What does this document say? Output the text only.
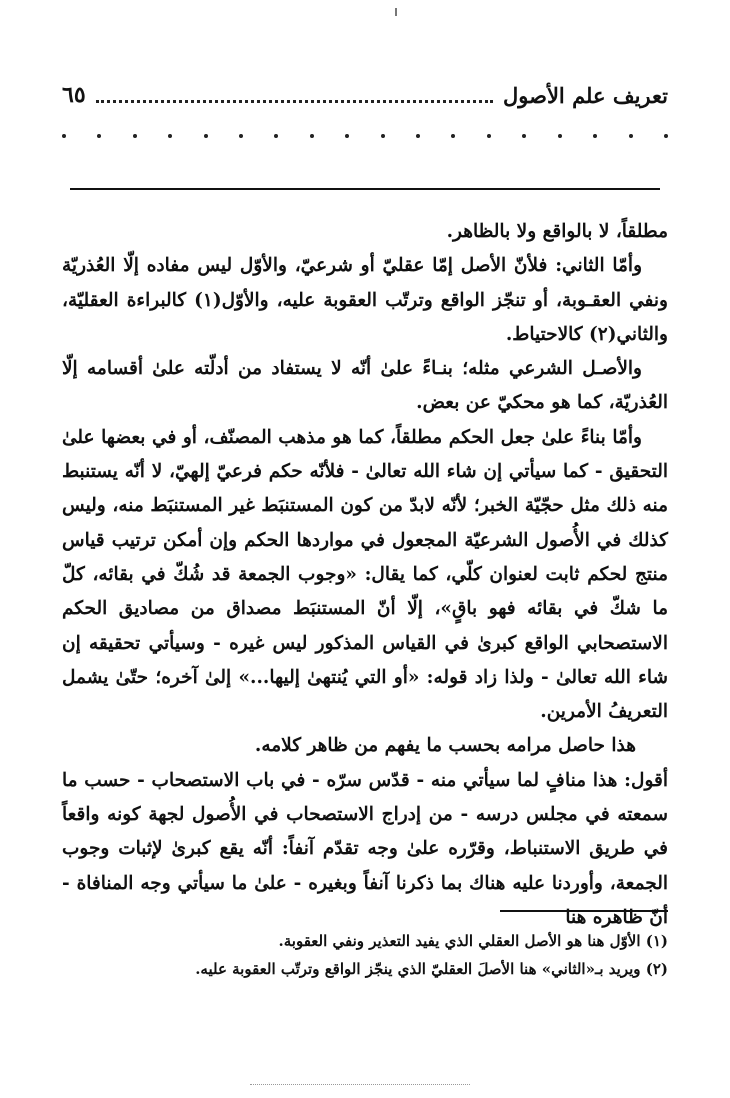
تعريف علم الأصول
٦٥

مطلقاً، لا بالواقع ولا بالظاهر.

وأمّا الثاني: فلأنّ الأصل إمّا عقليّ أو شرعيّ، والأوّل ليس مفاده إلّا العُذريّة ونفي العقـوبة، أو تنجّز الواقع وترتّب العقوبة عليه، والأوّل(١) كالبراءة العقليّة، والثاني(٢) كالاحتياط.

والأصـل الشرعي مثله؛ بنـاءً علىٰ أنّه لا يستفاد من أدلّته علىٰ أقسامه إلّا العُذريّة، كما هو محكيّ عن بعض.

وأمّا بناءً علىٰ جعل الحكم مطلقاً، كما هو مذهب المصنّف، أو في بعضها علىٰ التحقيق - كما سيأتي إن شاء الله تعالىٰ - فلأنّه حكم فرعيّ إلهيّ، لا أنّه يستنبط منه ذلك مثل حجّيّة الخبر؛ لأنّه لابدّ من كون المستنبَط غير المستنبَط منه، وليس كذلك في الأُصول الشرعيّة المجعول في مواردها الحكم وإن أمكن ترتيب قياس منتج لحكم ثابت لعنوان كلّي، كما يقال: «وجوب الجمعة قد شُكّ في بقائه، كلّ ما شكّ في بقائه فهو باقٍ»، إلّا أنّ المستنبَط مصداق من مصاديق الحكم الاستصحابي الواقع كبرىٰ في القياس المذكور ليس غيره - وسيأتي تحقيقه إن شاء الله تعالىٰ - ولذا زاد قوله: «أو التي يُنتهىٰ إليها...» إلىٰ آخره؛ حتّىٰ يشمل التعريفُ الأمرين.

هذا حاصل مرامه بحسب ما يفهم من ظاهر كلامه.

أقول: هذا منافٍ لما سيأتي منه - قدّس سرّه - في باب الاستصحاب - حسب ما سمعته في مجلس درسه - من إدراج الاستصحاب في الأُصول لجهة كونه واقعاً في طريق الاستنباط، وقرّره علىٰ وجه تقدّم آنفاً: أنّه يقع كبرىٰ لإثبات وجوب الجمعة، وأوردنا عليه هناك بما ذكرنا آنفاً وبغيره - علىٰ ما سيأتي وجه المنافاة - أنّ ظاهره هنا

(١) الأوّل هنا هو الأصل العقلي الذي يفيد التعذير ونفي العقوبة.

(٢) ويريد بـ«الثاني» هنا الأصلَ العقليّ الذي ينجّز الواقع وترتّب العقوبة عليه.
